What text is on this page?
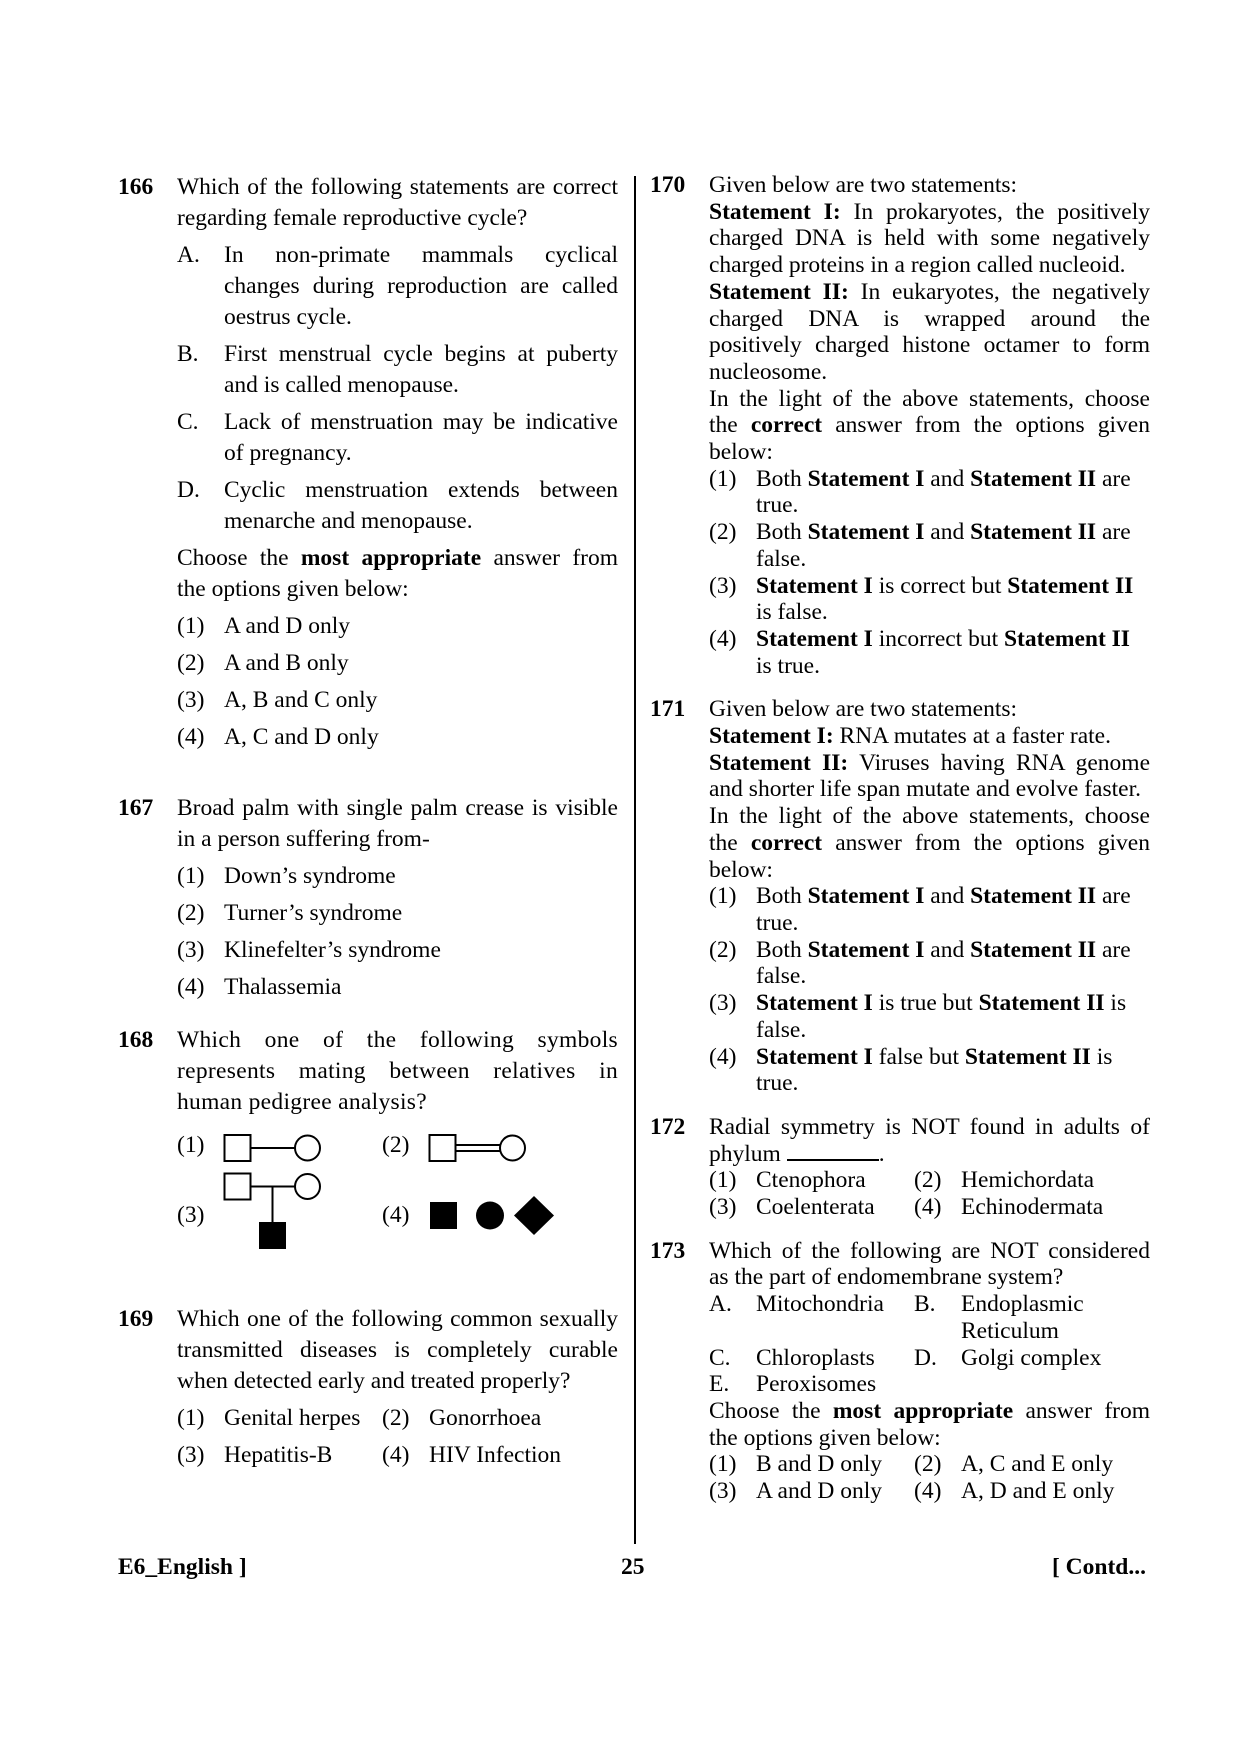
166 Which of the following statements are correct regarding female reproductive cycle?
A. In non-primate mammals cyclical changes during reproduction are called oestrus cycle.
B. First menstrual cycle begins at puberty and is called menopause.
C. Lack of menstruation may be indicative of pregnancy.
D. Cyclic menstruation extends between menarche and menopause.
Choose the most appropriate answer from the options given below:
(1) A and D only
(2) A and B only
(3) A, B and C only
(4) A, C and D only
167 Broad palm with single palm crease is visible in a person suffering from-
(1) Down’s syndrome
(2) Turner’s syndrome
(3) Klinefelter’s syndrome
(4) Thalassemia
168 Which one of the following symbols represents mating between relatives in human pedigree analysis?
(1)	(2)
(3)	(4)
169 Which one of the following common sexually transmitted diseases is completely curable when detected early and treated properly?
(1) Genital herpes (2) Gonorrhoea
(3) Hepatitis-B	(4) HIV Infection
170 Given below are two statements:
Statement I: In prokaryotes, the positively charged DNA is held with some negatively charged proteins in a region called nucleoid.
Statement II: In eukaryotes, the negatively charged DNA is wrapped around the positively charged histone octamer to form nucleosome.
In the light of the above statements, choose the correct answer from the options given below:
(1) Both Statement I and Statement II are true.
(2) Both Statement I and Statement II are false.
(3) Statement I is correct but Statement II is false.
(4) Statement I incorrect but Statement II is true.
171 Given below are two statements:
Statement I: RNA mutates at a faster rate.
Statement II: Viruses having RNA genome and shorter life span mutate and evolve faster.
In the light of the above statements, choose the correct answer from the options given below:
(1) Both Statement I and Statement II are true.
(2) Both Statement I and Statement II are false.
(3) Statement I is true but Statement II is false.
(4) Statement I false but Statement II is true.
172 Radial symmetry is NOT found in adults of phylum	.
(1) Ctenophora	(2) Hemichordata
(3) Coelenterata	(4) Echinodermata
173 Which of the following are NOT considered as the part of endomembrane system?
A. Mitochondria	B. Endoplasmic Reticulum
C. Chloroplasts	D. Golgi complex
E. Peroxisomes
Choose the most appropriate answer from the options given below:
(1) B and D only	(2) A, C and E only
(3) A and D only	(4) A, D and E only
E6_English ]	25	[ Contd...
